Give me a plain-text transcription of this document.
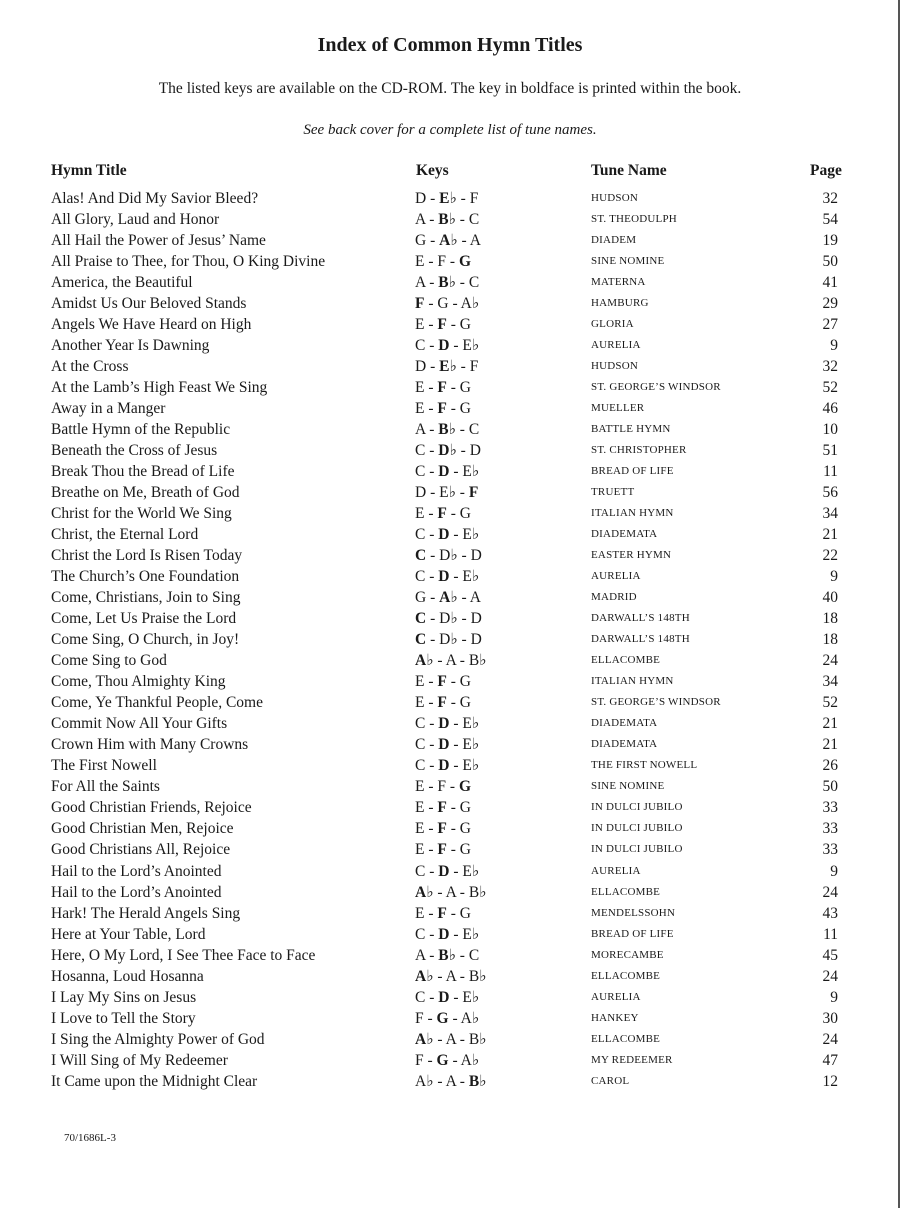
Index of Common Hymn Titles
The listed keys are available on the CD-ROM. The key in boldface is printed within the book.
See back cover for a complete list of tune names.
Hymn Title	Keys	Tune Name	Page
Alas! And Did My Savior Bleed?	D - E♭ - F	HUDSON	32
All Glory, Laud and Honor	A - B♭ - C	ST. THEODULPH	54
All Hail the Power of Jesus’ Name	G - A♭ - A	DIADEM	19
All Praise to Thee, for Thou, O King Divine	E - F - G	SINE NOMINE	50
America, the Beautiful	A - B♭ - C	MATERNA	41
Amidst Us Our Beloved Stands	F - G - A♭	HAMBURG	29
Angels We Have Heard on High	E - F - G	GLORIA	27
Another Year Is Dawning	C - D - E♭	AURELIA	9
At the Cross	D - E♭ - F	HUDSON	32
At the Lamb’s High Feast We Sing	E - F - G	ST. GEORGE’S WINDSOR	52
Away in a Manger	E - F - G	MUELLER	46
Battle Hymn of the Republic	A - B♭ - C	BATTLE HYMN	10
Beneath the Cross of Jesus	C - D♭ - D	ST. CHRISTOPHER	51
Break Thou the Bread of Life	C - D - E♭	BREAD OF LIFE	11
Breathe on Me, Breath of God	D - E♭ - F	TRUETT	56
Christ for the World We Sing	E - F - G	ITALIAN HYMN	34
Christ, the Eternal Lord	C - D - E♭	DIADEMATA	21
Christ the Lord Is Risen Today	C - D♭ - D	EASTER HYMN	22
The Church’s One Foundation	C - D - E♭	AURELIA	9
Come, Christians, Join to Sing	G - A♭ - A	MADRID	40
Come, Let Us Praise the Lord	C - D♭ - D	DARWALL’S 148TH	18
Come Sing, O Church, in Joy!	C - D♭ - D	DARWALL’S 148TH	18
Come Sing to God	A♭ - A - B♭	ELLACOMBE	24
Come, Thou Almighty King	E - F - G	ITALIAN HYMN	34
Come, Ye Thankful People, Come	E - F - G	ST. GEORGE’S WINDSOR	52
Commit Now All Your Gifts	C - D - E♭	DIADEMATA	21
Crown Him with Many Crowns	C - D - E♭	DIADEMATA	21
The First Nowell	C - D - E♭	THE FIRST NOWELL	26
For All the Saints	E - F - G	SINE NOMINE	50
Good Christian Friends, Rejoice	E - F - G	IN DULCI JUBILO	33
Good Christian Men, Rejoice	E - F - G	IN DULCI JUBILO	33
Good Christians All, Rejoice	E - F - G	IN DULCI JUBILO	33
Hail to the Lord’s Anointed	C - D - E♭	AURELIA	9
Hail to the Lord’s Anointed	A♭ - A - B♭	ELLACOMBE	24
Hark! The Herald Angels Sing	E - F - G	MENDELSSOHN	43
Here at Your Table, Lord	C - D - E♭	BREAD OF LIFE	11
Here, O My Lord, I See Thee Face to Face	A - B♭ - C	MORECAMBE	45
Hosanna, Loud Hosanna	A♭ - A - B♭	ELLACOMBE	24
I Lay My Sins on Jesus	C - D - E♭	AURELIA	9
I Love to Tell the Story	F - G - A♭	HANKEY	30
I Sing the Almighty Power of God	A♭ - A - B♭	ELLACOMBE	24
I Will Sing of My Redeemer	F - G - A♭	MY REDEEMER	47
It Came upon the Midnight Clear	A♭ - A - B♭	CAROL	12
70/1686L-3
